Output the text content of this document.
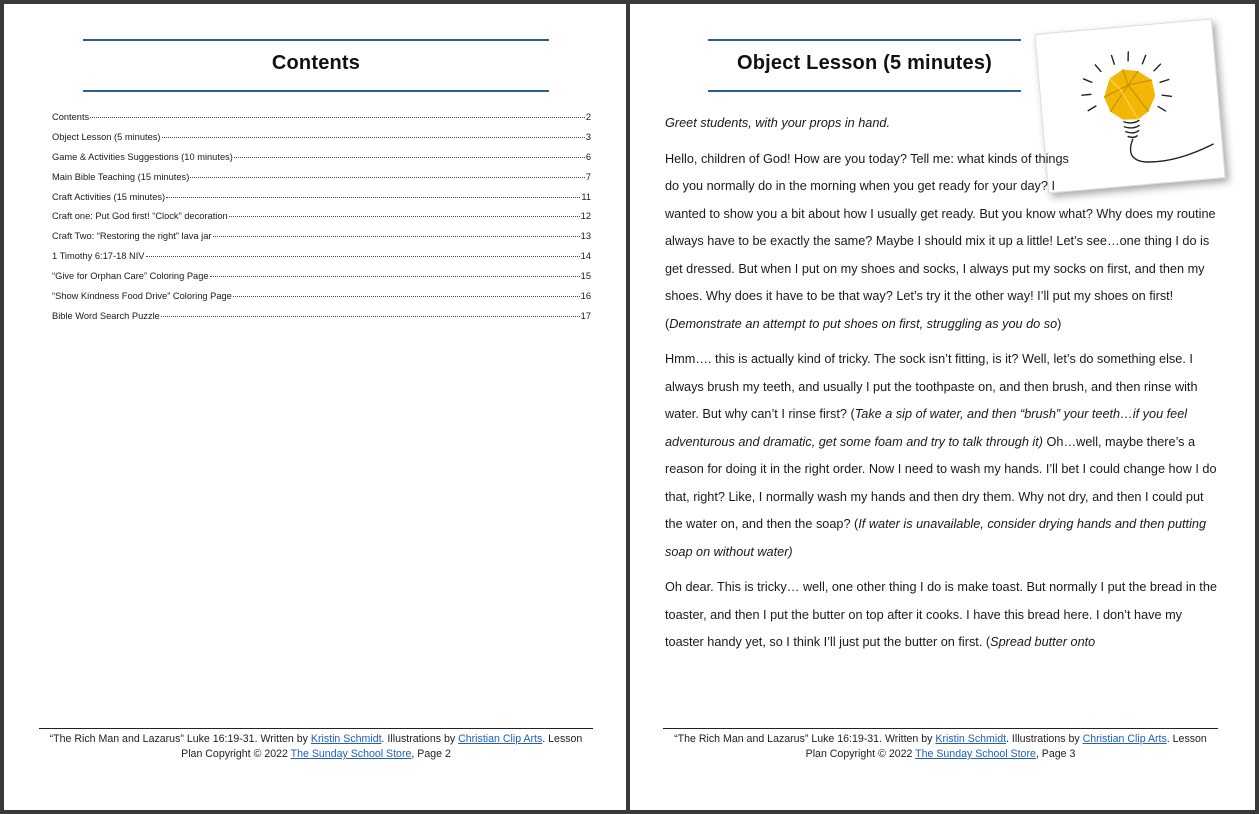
Contents
Contents	2
Object Lesson (5 minutes)	3
Game & Activities Suggestions (10 minutes)	6
Main Bible Teaching (15 minutes)	7
Craft Activities (15 minutes)	11
Craft one: Put God first! “Clock” decoration	12
Craft Two: “Restoring the right” lava jar	13
1 Timothy 6:17-18 NIV	14
“Give for Orphan Care” Coloring Page	15
“Show Kindness Food Drive” Coloring Page	16
Bible Word Search Puzzle	17
“The Rich Man and Lazarus” Luke 16:19-31. Written by Kristin Schmidt. Illustrations by Christian Clip Arts. Lesson Plan Copyright © 2022 The Sunday School Store, Page 2
Object Lesson (5 minutes)

Greet students, with your props in hand.

Hello, children of God! How are you today? Tell me: what kinds of things do you normally do in the morning when you get ready for your day? I wanted to show you a bit about how I usually get ready. But you know what? Why does my routine always have to be exactly the same? Maybe I should mix it up a little! Let’s see…one thing I do is get dressed. But when I put on my shoes and socks, I always put my socks on first, and then my shoes. Why does it have to be that way? Let’s try it the other way! I’ll put my shoes on first! (Demonstrate an attempt to put shoes on first, struggling as you do so)

Hmm…. this is actually kind of tricky. The sock isn’t fitting, is it? Well, let’s do something else. I always brush my teeth, and usually I put the toothpaste on, and then brush, and then rinse with water. But why can’t I rinse first? (Take a sip of water, and then “brush” your teeth…if you feel adventurous and dramatic, get some foam and try to talk through it) Oh…well, maybe there’s a reason for doing it in the right order. Now I need to wash my hands. I’ll bet I could change how I do that, right? Like, I normally wash my hands and then dry them. Why not dry, and then I could put the water on, and then the soap? (If water is unavailable, consider drying hands and then putting soap on without water)

Oh dear. This is tricky… well, one other thing I do is make toast. But normally I put the bread in the toaster, and then I put the butter on top after it cooks. I have this bread here. I don’t have my toaster handy yet, so I think I’ll just put the butter on first. (Spread butter onto

“The Rich Man and Lazarus” Luke 16:19-31. Written by Kristin Schmidt. Illustrations by Christian Clip Arts. Lesson Plan Copyright © 2022 The Sunday School Store, Page 3
